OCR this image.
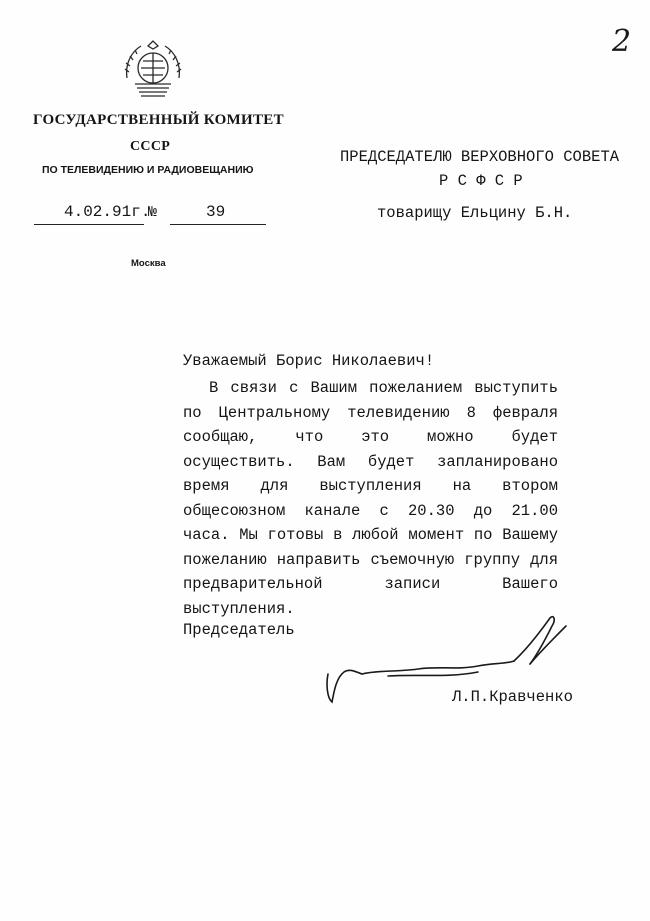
2
ГОСУДАРСТВЕННЫЙ КОМИТЕТ
СССР
ПО ТЕЛЕВИДЕНИЮ И РАДИОВЕЩАНИЮ
4.02.91г.
№	39
Москва
ПРЕДСЕДАТЕЛЮ ВЕРХОВНОГО СОВЕТА
Р С Ф С Р
товарищу Ельцину Б.Н.
Уважаемый Борис Николаевич!
В связи с Вашим пожеланием выступить по Центральному телевидению 8 февраля сообщаю, что это можно будет осуществить. Вам будет запланировано время для выступления на втором общесоюзном канале с 20.30 до 21.00 часа. Мы готовы в любой момент по Вашему пожеланию направить съемочную группу для предварительной записи Вашего выступления.
Председатель
Л.П.Кравченко
